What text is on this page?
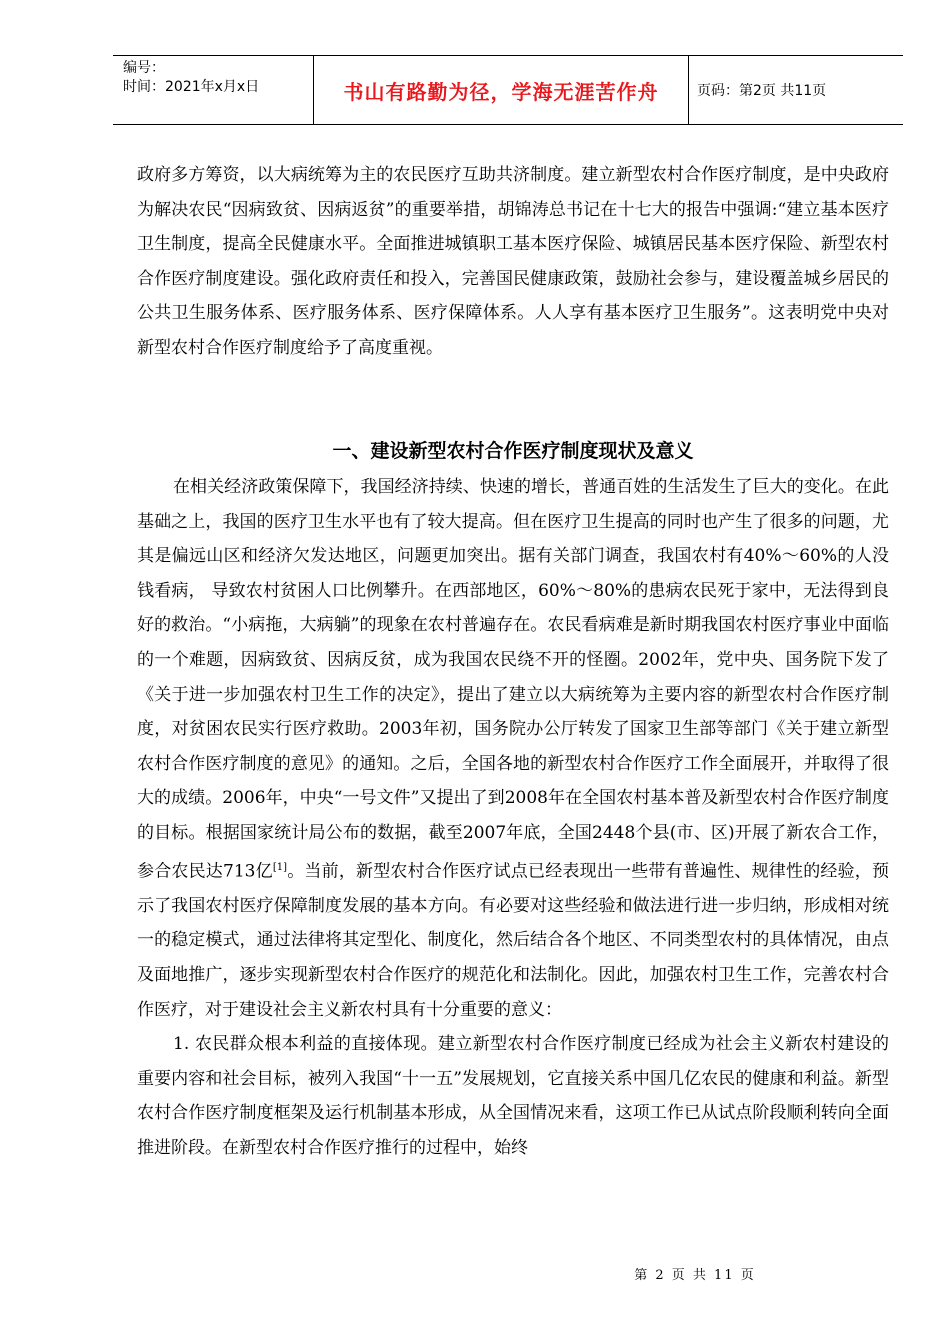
编号：
时间：2021年x月x日	书山有路勤为径，学海无涯苦作舟	页码：第2页 共11页

政府多方筹资，以大病统筹为主的农民医疗互助共济制度。建立新型农村合作医疗制度，是中央政府为解决农民“因病致贫、因病返贫”的重要举措，胡锦涛总书记在十七大的报告中强调:“建立基本医疗卫生制度，提高全民健康水平。全面推进城镇职工基本医疗保险、城镇居民基本医疗保险、新型农村合作医疗制度建设。强化政府责任和投入，完善国民健康政策，鼓励社会参与，建设覆盖城乡居民的公共卫生服务体系、医疗服务体系、医疗保障体系。人人享有基本医疗卫生服务”。这表明党中央对新型农村合作医疗制度给予了高度重视。

一、建设新型农村合作医疗制度现状及意义

在相关经济政策保障下，我国经济持续、快速的增长，普通百姓的生活发生了巨大的变化。在此基础之上，我国的医疗卫生水平也有了较大提高。但在医疗卫生提高的同时也产生了很多的问题，尤其是偏远山区和经济欠发达地区，问题更加突出。据有关部门调查，我国农村有40%～60%的人没钱看病， 导致农村贫困人口比例攀升。在西部地区，60%～80%的患病农民死于家中，无法得到良好的救治。“小病拖，大病躺”的现象在农村普遍存在。农民看病难是新时期我国农村医疗事业中面临的一个难题，因病致贫、因病反贫，成为我国农民绕不开的怪圈。2002年，党中央、国务院下发了《关于进一步加强农村卫生工作的决定》，提出了建立以大病统筹为主要内容的新型农村合作医疗制度，对贫困农民实行医疗救助。2003年初，国务院办公厅转发了国家卫生部等部门《关于建立新型农村合作医疗制度的意见》的通知。之后，全国各地的新型农村合作医疗工作全面展开，并取得了很大的成绩。2006年，中央“一号文件”又提出了到2008年在全国农村基本普及新型农村合作医疗制度的目标。根据国家统计局公布的数据，截至2007年底，全国2448个县(市、区)开展了新农合工作，参合农民达713亿[1]。当前，新型农村合作医疗试点已经表现出一些带有普遍性、规律性的经验，预示了我国农村医疗保障制度发展的基本方向。有必要对这些经验和做法进行进一步归纳，形成相对统一的稳定模式，通过法律将其定型化、制度化，然后结合各个地区、不同类型农村的具体情况，由点及面地推广，逐步实现新型农村合作医疗的规范化和法制化。因此，加强农村卫生工作，完善农村合作医疗，对于建设社会主义新农村具有十分重要的意义：

1. 农民群众根本利益的直接体现。建立新型农村合作医疗制度已经成为社会主义新农村建设的重要内容和社会目标，被列入我国“十一五”发展规划，它直接关系中国几亿农民的健康和利益。新型农村合作医疗制度框架及运行机制基本形成，从全国情况来看，这项工作已从试点阶段顺利转向全面推进阶段。在新型农村合作医疗推行的过程中，始终

第 2 页 共 11 页
